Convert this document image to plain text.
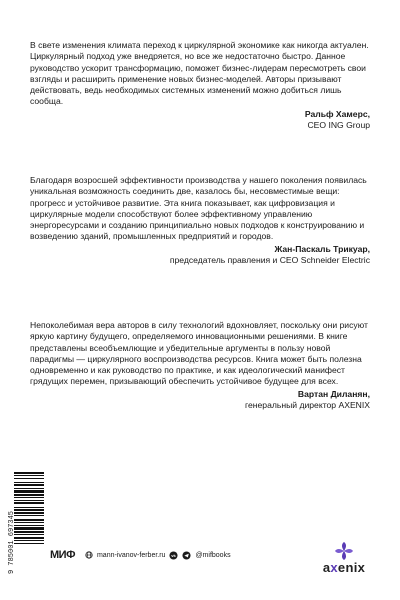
В свете изменения климата переход к циркулярной экономике как никогда актуален. Циркулярный подход уже внедряется, но все же недостаточно быстро. Данное руководство ускорит трансформацию, поможет бизнес-лидерам пересмотреть свои взгляды и расширить применение новых бизнес-моделей. Авторы призывают действовать, ведь необходимых системных изменений можно добиться лишь сообща.

Ральф Хамерс,
CEO ING Group

Благодаря возросшей эффективности производства у нашего поколения появилась уникальная возможность соединить две, казалось бы, несовместимые вещи: прогресс и устойчивое развитие. Эта книга показывает, как цифровизация и циркулярные модели способствуют более эффективному управлению энергоресурсами и созданию принципиально новых подходов к конструированию и возведению зданий, промышленных предприятий и городов.

Жан-Паскаль Трикуар,
председатель правления и CEO Schneider Electric

Непоколебимая вера авторов в силу технологий вдохновляет, поскольку они рисуют яркую картину будущего, определяемого инновационными решениями. В книге представлены всеобъемлющие и убедительные аргументы в пользу новой парадигмы — циркулярного воспроизводства ресурсов. Книга может быть полезна одновременно и как руководство по практике, и как идеологический манифест грядущих перемен, призывающий обеспечить устойчивое будущее для всех.

Вартан Диланян,
генеральный директор AXENIX
9 785001 697345	МИФ	mann-ivanov-ferber.ru vk	@mifbooks
axenix
